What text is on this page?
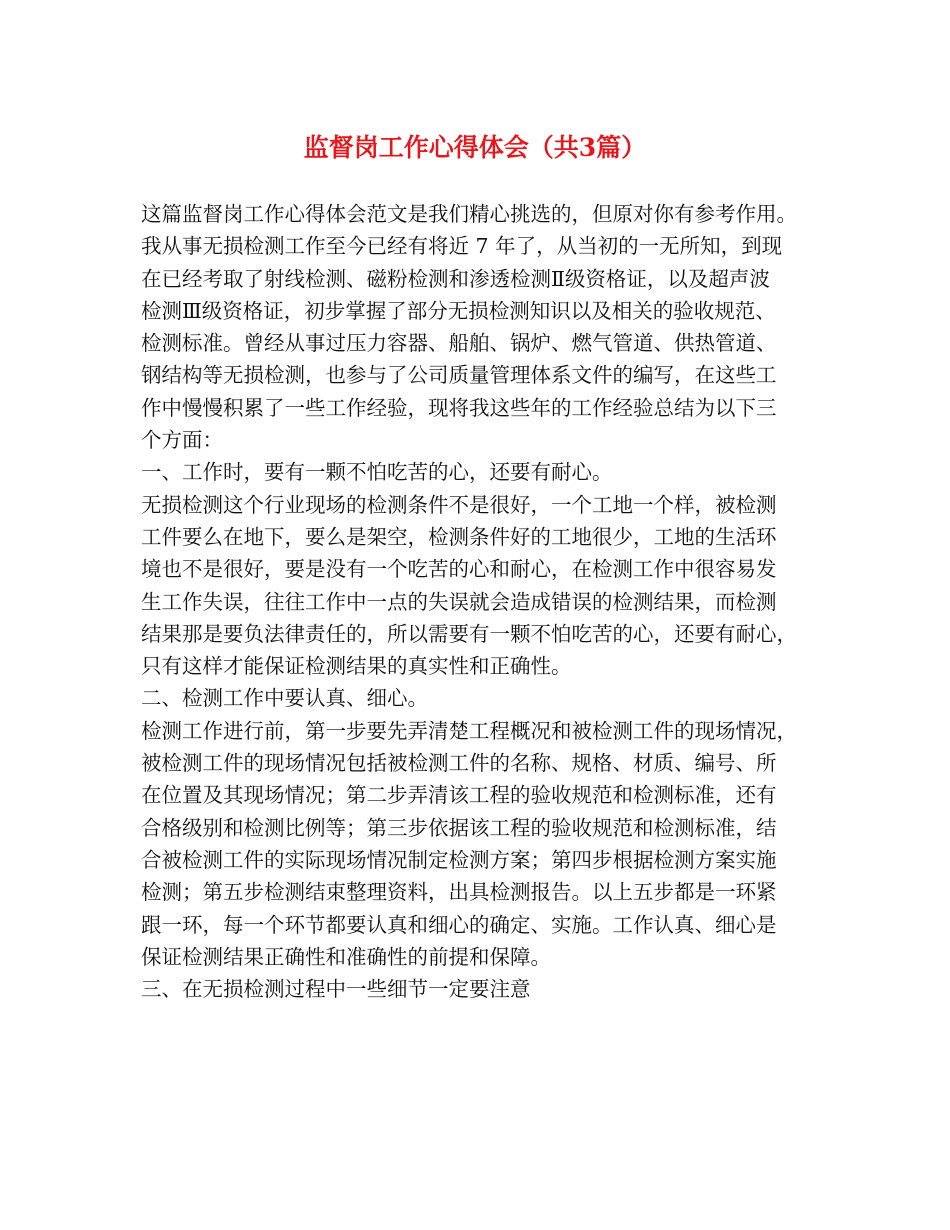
监督岗工作心得体会（共3篇）
这篇监督岗工作心得体会范文是我们精心挑选的，但原对你有参考作用。
我从事无损检测工作至今已经有将近 7 年了，从当初的一无所知，到现
在已经考取了射线检测、磁粉检测和渗透检测Ⅱ级资格证，以及超声波
检测Ⅲ级资格证，初步掌握了部分无损检测知识以及相关的验收规范、
检测标准。曾经从事过压力容器、船舶、锅炉、燃气管道、供热管道、
钢结构等无损检测，也参与了公司质量管理体系文件的编写，在这些工
作中慢慢积累了一些工作经验，现将我这些年的工作经验总结为以下三
个方面：
一、工作时，要有一颗不怕吃苦的心，还要有耐心。
无损检测这个行业现场的检测条件不是很好，一个工地一个样，被检测
工件要么在地下，要么是架空，检测条件好的工地很少，工地的生活环
境也不是很好，要是没有一个吃苦的心和耐心，在检测工作中很容易发
生工作失误，往往工作中一点的失误就会造成错误的检测结果，而检测
结果那是要负法律责任的，所以需要有一颗不怕吃苦的心，还要有耐心，
只有这样才能保证检测结果的真实性和正确性。
二、检测工作中要认真、细心。
检测工作进行前，第一步要先弄清楚工程概况和被检测工件的现场情况，
被检测工件的现场情况包括被检测工件的名称、规格、材质、编号、所
在位置及其现场情况；第二步弄清该工程的验收规范和检测标准，还有
合格级别和检测比例等；第三步依据该工程的验收规范和检测标准，结
合被检测工件的实际现场情况制定检测方案；第四步根据检测方案实施
检测；第五步检测结束整理资料，出具检测报告。以上五步都是一环紧
跟一环，每一个环节都要认真和细心的确定、实施。工作认真、细心是
保证检测结果正确性和准确性的前提和保障。
三、在无损检测过程中一些细节一定要注意
